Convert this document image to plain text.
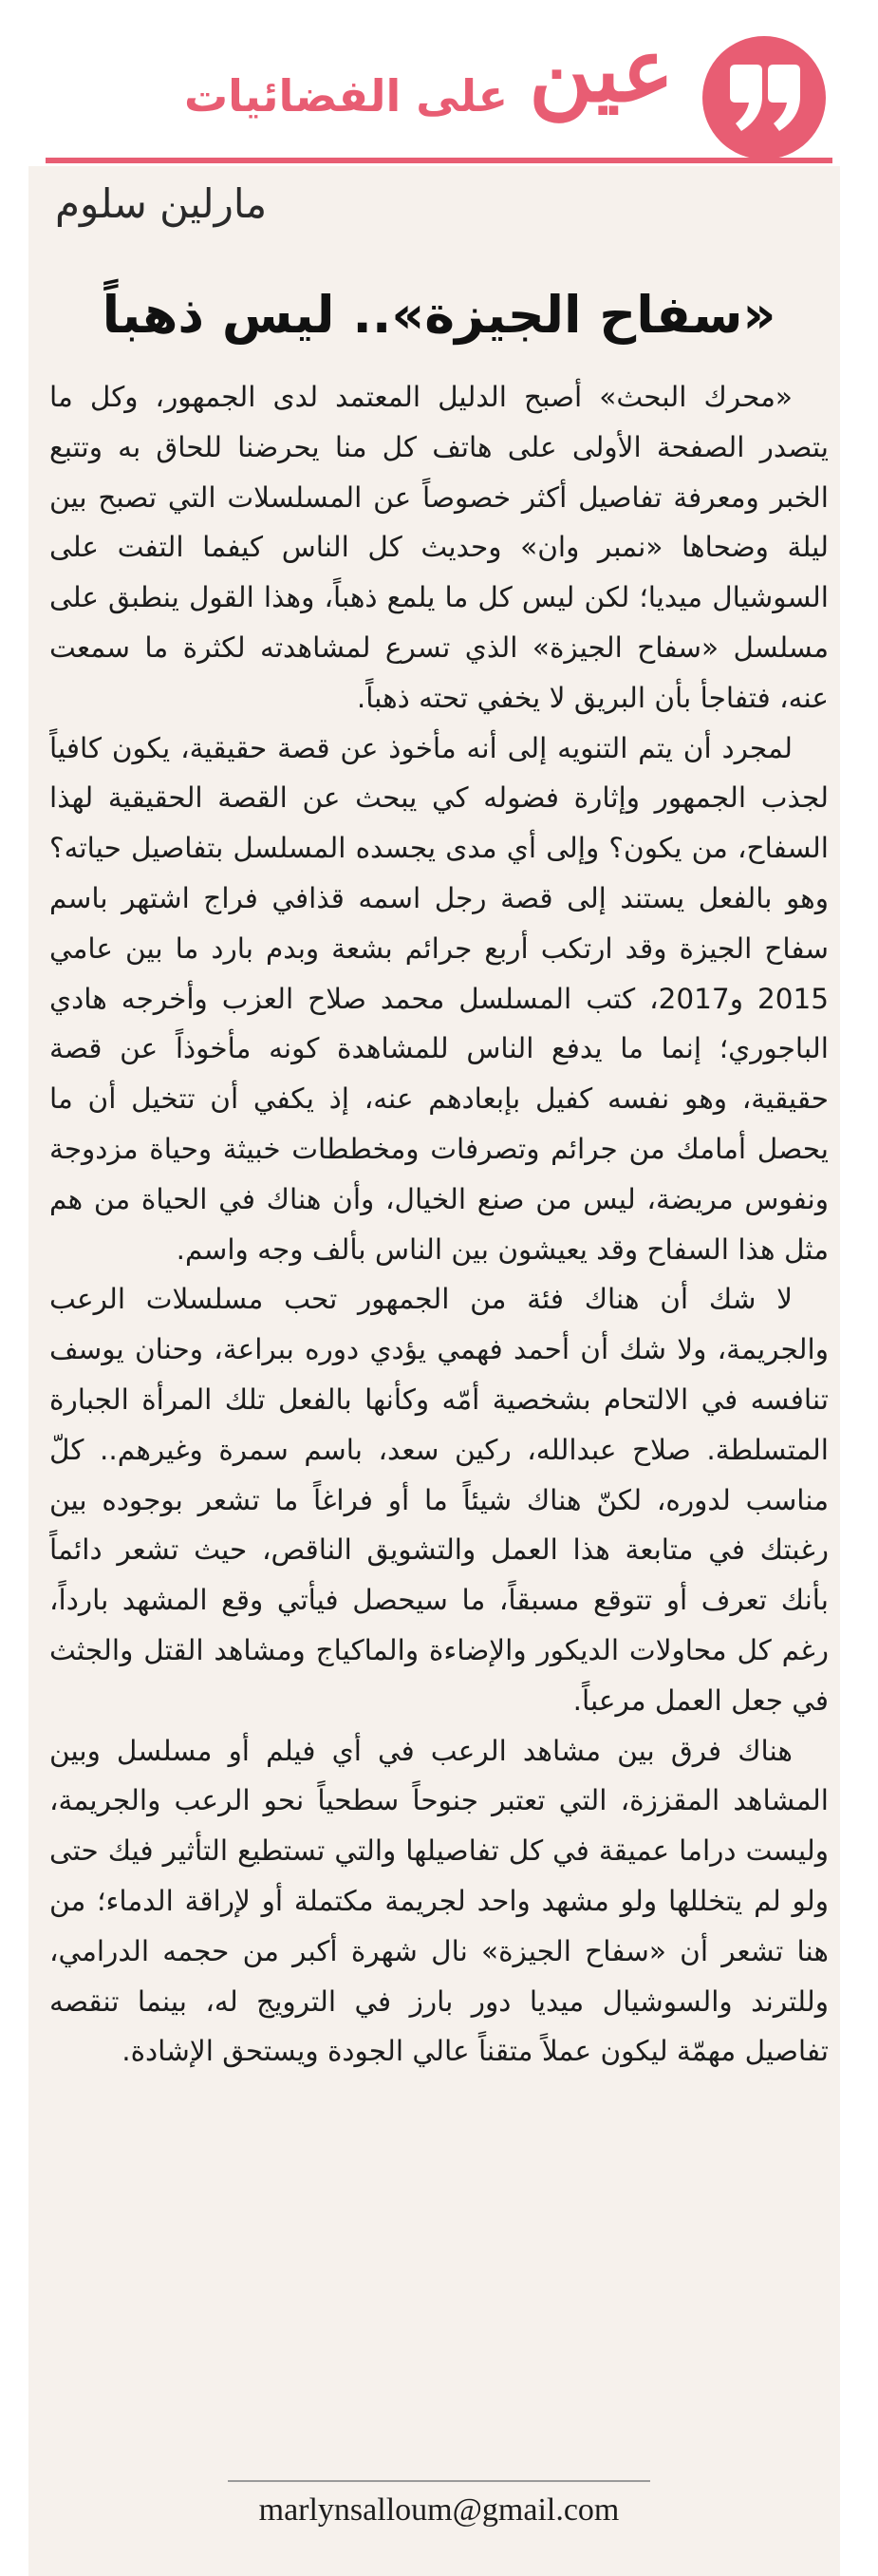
عين
على الفضائيات
مارلين سلوم
«سفاح الجيزة».. ليس ذهباً

«محرك البحث» أصبح الدليل المعتمد لدى الجمهور، وكل ما يتصدر الصفحة الأولى على هاتف كل منا يحرضنا للحاق به وتتبع الخبر ومعرفة تفاصيل أكثر خصوصاً عن المسلسلات التي تصبح بين ليلة وضحاها «نمبر وان» وحديث كل الناس كيفما التفت على السوشيال ميديا؛ لكن ليس كل ما يلمع ذهباً، وهذا القول ينطبق على مسلسل «سفاح الجيزة» الذي تسرع لمشاهدته لكثرة ما سمعت عنه، فتفاجأ بأن البريق لا يخفي تحته ذهباً.

لمجرد أن يتم التنويه إلى أنه مأخوذ عن قصة حقيقية، يكون كافياً لجذب الجمهور وإثارة فضوله كي يبحث عن القصة الحقيقية لهذا السفاح، من يكون؟ وإلى أي مدى يجسده المسلسل بتفاصيل حياته؟ وهو بالفعل يستند إلى قصة رجل اسمه قذافي فراج اشتهر باسم سفاح الجيزة وقد ارتكب أربع جرائم بشعة وبدم بارد ما بين عامي 2015 و2017، كتب المسلسل محمد صلاح العزب وأخرجه هادي الباجوري؛ إنما ما يدفع الناس للمشاهدة كونه مأخوذاً عن قصة حقيقية، وهو نفسه كفيل بإبعادهم عنه، إذ يكفي أن تتخيل أن ما يحصل أمامك من جرائم وتصرفات ومخططات خبيثة وحياة مزدوجة ونفوس مريضة، ليس من صنع الخيال، وأن هناك في الحياة من هم مثل هذا السفاح وقد يعيشون بين الناس بألف وجه واسم.

لا شك أن هناك فئة من الجمهور تحب مسلسلات الرعب والجريمة، ولا شك أن أحمد فهمي يؤدي دوره ببراعة، وحنان يوسف تنافسه في الالتحام بشخصية أمّه وكأنها بالفعل تلك المرأة الجبارة المتسلطة. صلاح عبدالله، ركين سعد، باسم سمرة وغيرهم.. كلّ مناسب لدوره، لكنّ هناك شيئاً ما أو فراغاً ما تشعر بوجوده بين رغبتك في متابعة هذا العمل والتشويق الناقص، حيث تشعر دائماً بأنك تعرف أو تتوقع مسبقاً، ما سيحصل فيأتي وقع المشهد بارداً، رغم كل محاولات الديكور والإضاءة والماكياج ومشاهد القتل والجثث في جعل العمل مرعباً.

هناك فرق بين مشاهد الرعب في أي فيلم أو مسلسل وبين المشاهد المقززة، التي تعتبر جنوحاً سطحياً نحو الرعب والجريمة، وليست دراما عميقة في كل تفاصيلها والتي تستطيع التأثير فيك حتى ولو لم يتخللها ولو مشهد واحد لجريمة مكتملة أو لإراقة الدماء؛ من هنا تشعر أن «سفاح الجيزة» نال شهرة أكبر من حجمه الدرامي، وللترند والسوشيال ميديا دور بارز في الترويج له، بينما تنقصه تفاصيل مهمّة ليكون عملاً متقناً عالي الجودة ويستحق الإشادة.

marlynsalloum@gmail.com
